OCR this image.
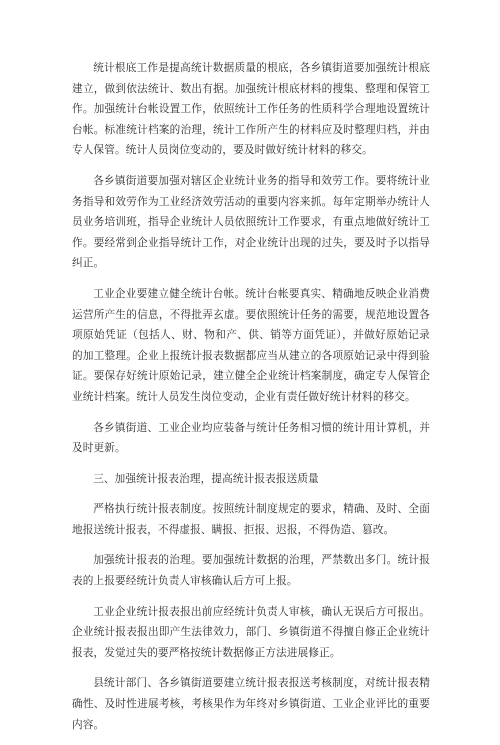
统计根底工作是提高统计数据质量的根底，各乡镇街道要加强统计根底建立，做到依法统计、数出有据。加强统计根底材料的搜集、整理和保管工作。加强统计台帐设置工作，依照统计工作任务的性质科学合理地设置统计台帐。标准统计档案的治理，统计工作所产生的材料应及时整理归档，并由专人保管。统计人员岗位变动的，要及时做好统计材料的移交。

各乡镇街道要加强对辖区企业统计业务的指导和效劳工作。要将统计业务指导和效劳作为工业经济效劳活动的重要内容来抓。每年定期举办统计人员业务培训班，指导企业统计人员依照统计工作要求，有重点地做好统计工作。要经常到企业指导统计工作，对企业统计出现的过失，要及时予以指导纠正。

工业企业要建立健全统计台帐。统计台帐要真实、精确地反映企业消费运营所产生的信息，不得批弄玄虚。要依照统计任务的需要，规范地设置各项原始凭证（包括人、财、物和产、供、销等方面凭证），并做好原始记录的加工整理。企业上报统计报表数据都应当从建立的各项原始记录中得到验证。要保存好统计原始记录，建立健全企业统计档案制度，确定专人保管企业统计档案。统计人员发生岗位变动，企业有责任做好统计材料的移交。

各乡镇街道、工业企业均应装备与统计任务相习惯的统计用计算机，并及时更新。

三、加强统计报表治理，提高统计报表报送质量

严格执行统计报表制度。按照统计制度规定的要求，精确、及时、全面地报送统计报表，不得虚报、瞒报、拒报、迟报，不得伪造、篡改。

加强统计报表的治理。要加强统计数据的治理，严禁数出多门。统计报表的上报要经统计负责人审核确认后方可上报。

工业企业统计报表报出前应经统计负责人审核，确认无误后方可报出。企业统计报表报出即产生法律效力，部门、乡镇街道不得擅自修正企业统计报表，发觉过失的要严格按统计数据修正方法进展修正。

县统计部门、各乡镇街道要建立统计报表报送考核制度，对统计报表精确性、及时性进展考核，考核果作为年终对乡镇街道、工业企业评比的重要内容。
